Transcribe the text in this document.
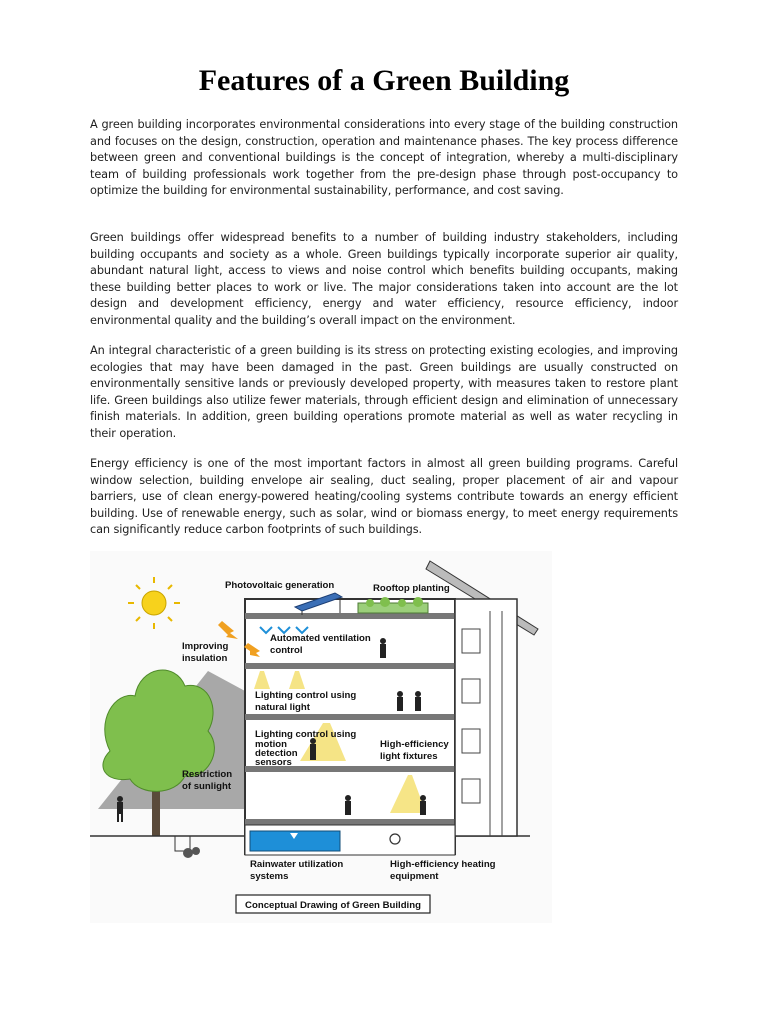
Features of a Green Building

A green building incorporates environmental considerations into every stage of the building construction and focuses on the design, construction, operation and maintenance phases. The key process difference between green and conventional buildings is the concept of integration, whereby a multi-disciplinary team of building professionals work together from the pre-design phase through post-occupancy to optimize the building for environmental sustainability, performance, and cost saving.

Green buildings offer widespread benefits to a number of building industry stakeholders, including building occupants and society as a whole. Green buildings typically incorporate superior air quality, abundant natural light, access to views and noise control which benefits building occupants, making these building better places to work or live. The major considerations taken into account are the lot design and development efficiency, energy and water efficiency, resource efficiency, indoor environmental quality and the building’s overall impact on the environment.

An integral characteristic of a green building is its stress on protecting existing ecologies, and improving ecologies that may have been damaged in the past. Green buildings are usually constructed on environmentally sensitive lands or previously developed property, with measures taken to restore plant life. Green buildings also utilize fewer materials, through efficient design and elimination of unnecessary finish materials. In addition, green building operations promote material as well as water recycling in their operation.

Energy efficiency is one of the most important factors in almost all green building programs. Careful window selection, building envelope air sealing, duct sealing, proper placement of air and vapour barriers, use of clean energy-powered heating/cooling systems contribute towards an energy efficient building. Use of renewable energy, such as solar, wind or biomass energy, to meet energy requirements can significantly reduce carbon footprints of such buildings.

Photovoltaic generation	Rooftop planting
Automated ventilation
control
Improving
insulation
Lighting control using
natural light
Lighting control using
motion
detection
sensors
High-efficiency
light fixtures
Restriction
of sunlight
Rainwater utilization
systems
High-efficiency heating
equipment
Conceptual Drawing of Green Building
